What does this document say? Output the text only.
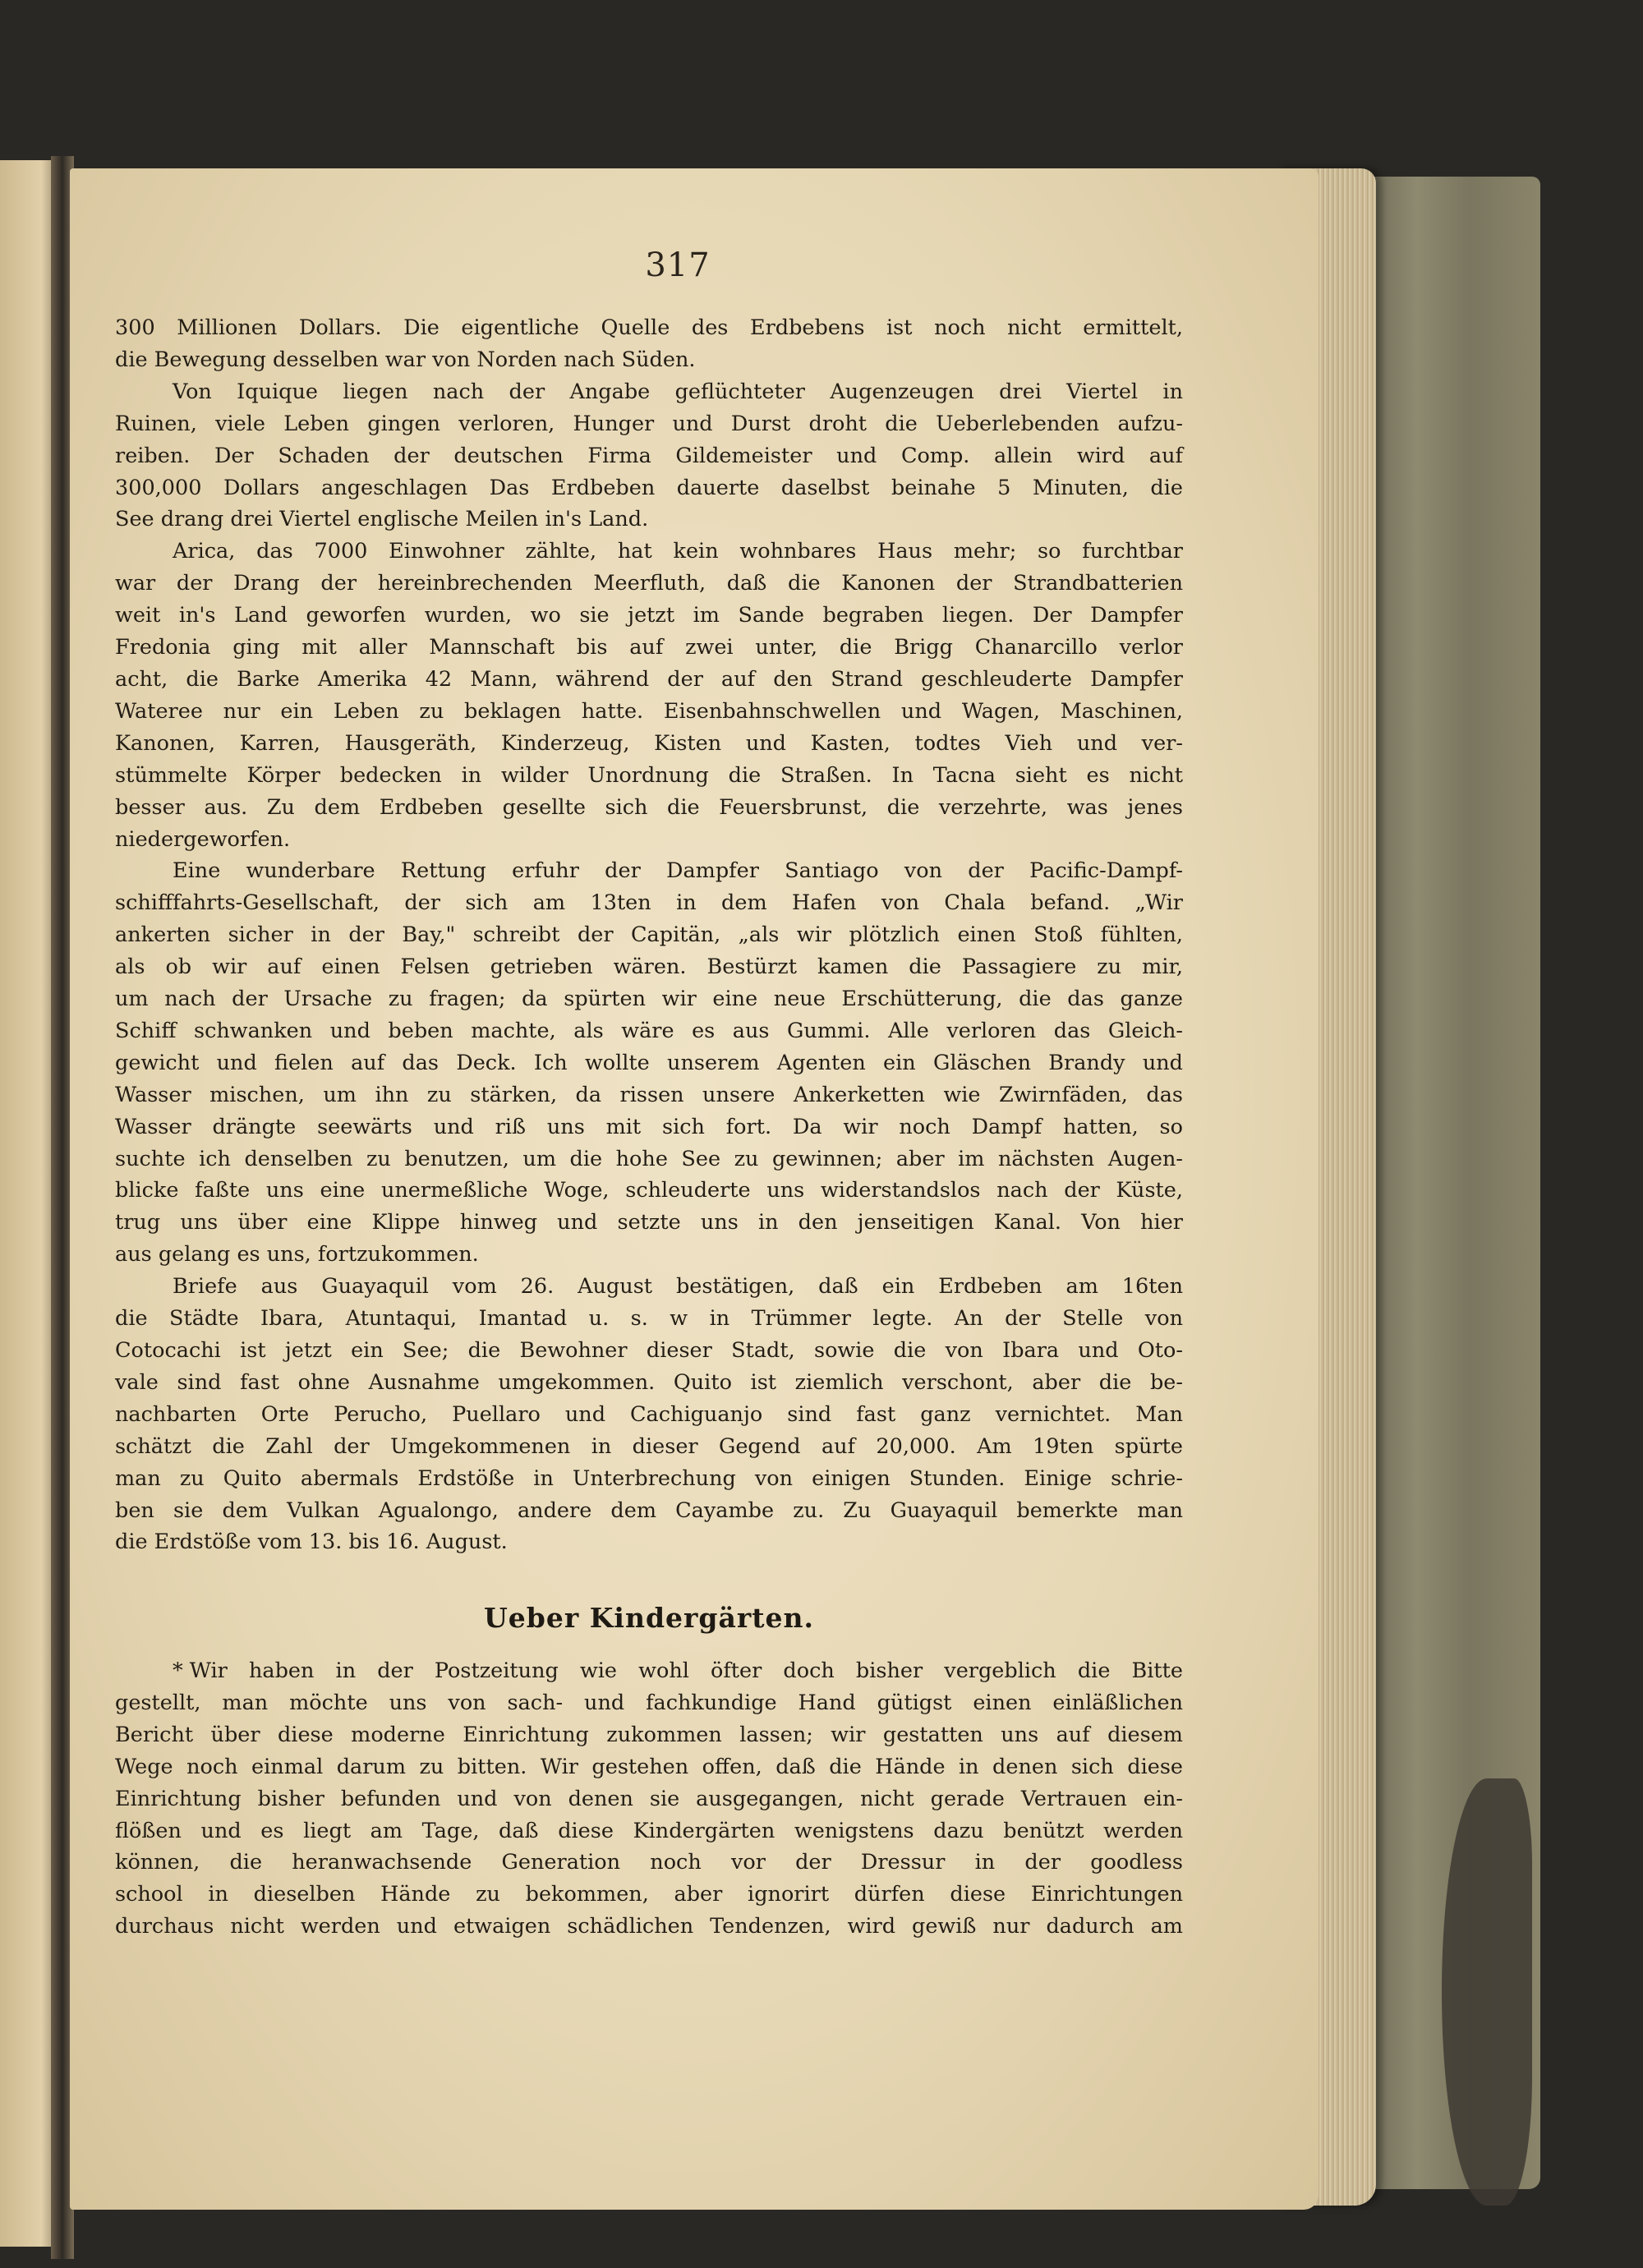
317

300 Millionen Dollars. Die eigentliche Quelle des Erdbebens ist noch nicht ermittelt,

die Bewegung desselben war von Norden nach Süden.

Von Iquique liegen nach der Angabe geflüchteter Augenzeugen drei Viertel in

Ruinen, viele Leben gingen verloren, Hunger und Durst droht die Ueberlebenden aufzu-

reiben. Der Schaden der deutschen Firma Gildemeister und Comp. allein wird auf

300,000 Dollars angeschlagen Das Erdbeben dauerte daselbst beinahe 5 Minuten, die

See drang drei Viertel englische Meilen in's Land.

Arica, das 7000 Einwohner zählte, hat kein wohnbares Haus mehr; so furchtbar

war der Drang der hereinbrechenden Meerfluth, daß die Kanonen der Strandbatterien

weit in's Land geworfen wurden, wo sie jetzt im Sande begraben liegen. Der Dampfer

Fredonia ging mit aller Mannschaft bis auf zwei unter, die Brigg Chanarcillo verlor

acht, die Barke Amerika 42 Mann, während der auf den Strand geschleuderte Dampfer

Wateree nur ein Leben zu beklagen hatte. Eisenbahnschwellen und Wagen, Maschinen,

Kanonen, Karren, Hausgeräth, Kinderzeug, Kisten und Kasten, todtes Vieh und ver-

stümmelte Körper bedecken in wilder Unordnung die Straßen. In Tacna sieht es nicht

besser aus. Zu dem Erdbeben gesellte sich die Feuersbrunst, die verzehrte, was jenes

niedergeworfen.

Eine wunderbare Rettung erfuhr der Dampfer Santiago von der Pacific-Dampf-

schifffahrts-Gesellschaft, der sich am 13ten in dem Hafen von Chala befand. „Wir

ankerten sicher in der Bay," schreibt der Capitän, „als wir plötzlich einen Stoß fühlten,

als ob wir auf einen Felsen getrieben wären. Bestürzt kamen die Passagiere zu mir,

um nach der Ursache zu fragen; da spürten wir eine neue Erschütterung, die das ganze

Schiff schwanken und beben machte, als wäre es aus Gummi. Alle verloren das Gleich-

gewicht und fielen auf das Deck. Ich wollte unserem Agenten ein Gläschen Brandy und

Wasser mischen, um ihn zu stärken, da rissen unsere Ankerketten wie Zwirnfäden, das

Wasser drängte seewärts und riß uns mit sich fort. Da wir noch Dampf hatten, so

suchte ich denselben zu benutzen, um die hohe See zu gewinnen; aber im nächsten Augen-

blicke faßte uns eine unermeßliche Woge, schleuderte uns widerstandslos nach der Küste,

trug uns über eine Klippe hinweg und setzte uns in den jenseitigen Kanal. Von hier

aus gelang es uns, fortzukommen.

Briefe aus Guayaquil vom 26. August bestätigen, daß ein Erdbeben am 16ten

die Städte Ibara, Atuntaqui, Imantad u. s. w in Trümmer legte. An der Stelle von

Cotocachi ist jetzt ein See; die Bewohner dieser Stadt, sowie die von Ibara und Oto-

vale sind fast ohne Ausnahme umgekommen. Quito ist ziemlich verschont, aber die be-

nachbarten Orte Perucho, Puellaro und Cachiguanjo sind fast ganz vernichtet. Man

schätzt die Zahl der Umgekommenen in dieser Gegend auf 20,000. Am 19ten spürte

man zu Quito abermals Erdstöße in Unterbrechung von einigen Stunden. Einige schrie-

ben sie dem Vulkan Agualongo, andere dem Cayambe zu. Zu Guayaquil bemerkte man

die Erdstöße vom 13. bis 16. August.

Ueber Kindergärten.

* Wir haben in der Postzeitung wie wohl öfter doch bisher vergeblich die Bitte

gestellt, man möchte uns von sach- und fachkundige Hand gütigst einen einläßlichen

Bericht über diese moderne Einrichtung zukommen lassen; wir gestatten uns auf diesem

Wege noch einmal darum zu bitten. Wir gestehen offen, daß die Hände in denen sich diese

Einrichtung bisher befunden und von denen sie ausgegangen, nicht gerade Vertrauen ein-

flößen und es liegt am Tage, daß diese Kindergärten wenigstens dazu benützt werden

können, die heranwachsende Generation noch vor der Dressur in der goodless

school in dieselben Hände zu bekommen, aber ignorirt dürfen diese Einrichtungen

durchaus nicht werden und etwaigen schädlichen Tendenzen, wird gewiß nur dadurch am
